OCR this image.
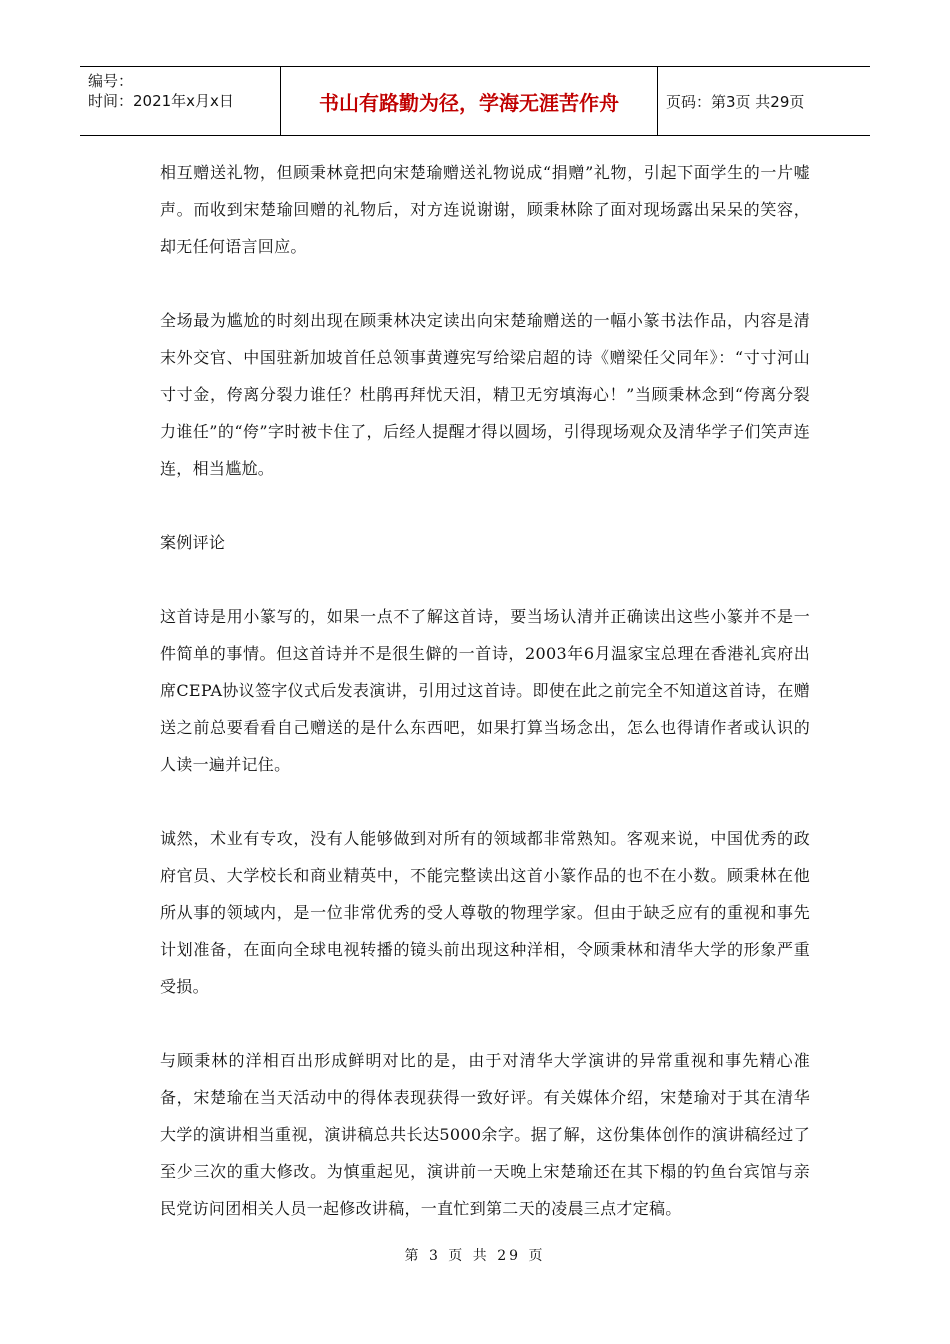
编号：
时间：2021年x月x日	书山有路勤为径，学海无涯苦作舟	页码：第3页 共29页

相互赠送礼物，但顾秉林竟把向宋楚瑜赠送礼物说成“捐赠”礼物，引起下面学生的一片嘘声。而收到宋楚瑜回赠的礼物后，对方连说谢谢，顾秉林除了面对现场露出呆呆的笑容，却无任何语言回应。

全场最为尴尬的时刻出现在顾秉林决定读出向宋楚瑜赠送的一幅小篆书法作品，内容是清末外交官、中国驻新加坡首任总领事黄遵宪写给梁启超的诗《赠梁任父同年》：“寸寸河山寸寸金，侉离分裂力谁任？杜鹃再拜忧天泪，精卫无穷填海心！”当顾秉林念到“侉离分裂力谁任”的“侉”字时被卡住了，后经人提醒才得以圆场，引得现场观众及清华学子们笑声连连，相当尴尬。

案例评论

这首诗是用小篆写的，如果一点不了解这首诗，要当场认清并正确读出这些小篆并不是一件简单的事情。但这首诗并不是很生僻的一首诗，2003年6月温家宝总理在香港礼宾府出席CEPA协议签字仪式后发表演讲，引用过这首诗。即使在此之前完全不知道这首诗，在赠送之前总要看看自己赠送的是什么东西吧，如果打算当场念出，怎么也得请作者或认识的人读一遍并记住。

诚然，术业有专攻，没有人能够做到对所有的领域都非常熟知。客观来说，中国优秀的政府官员、大学校长和商业精英中，不能完整读出这首小篆作品的也不在小数。顾秉林在他所从事的领域内，是一位非常优秀的受人尊敬的物理学家。但由于缺乏应有的重视和事先计划准备，在面向全球电视转播的镜头前出现这种洋相，令顾秉林和清华大学的形象严重受损。

与顾秉林的洋相百出形成鲜明对比的是，由于对清华大学演讲的异常重视和事先精心准备，宋楚瑜在当天活动中的得体表现获得一致好评。有关媒体介绍，宋楚瑜对于其在清华大学的演讲相当重视，演讲稿总共长达5000余字。据了解，这份集体创作的演讲稿经过了至少三次的重大修改。为慎重起见，演讲前一天晚上宋楚瑜还在其下榻的钓鱼台宾馆与亲民党访问团相关人员一起修改讲稿，一直忙到第二天的凌晨三点才定稿。

第 3 页 共 29 页
